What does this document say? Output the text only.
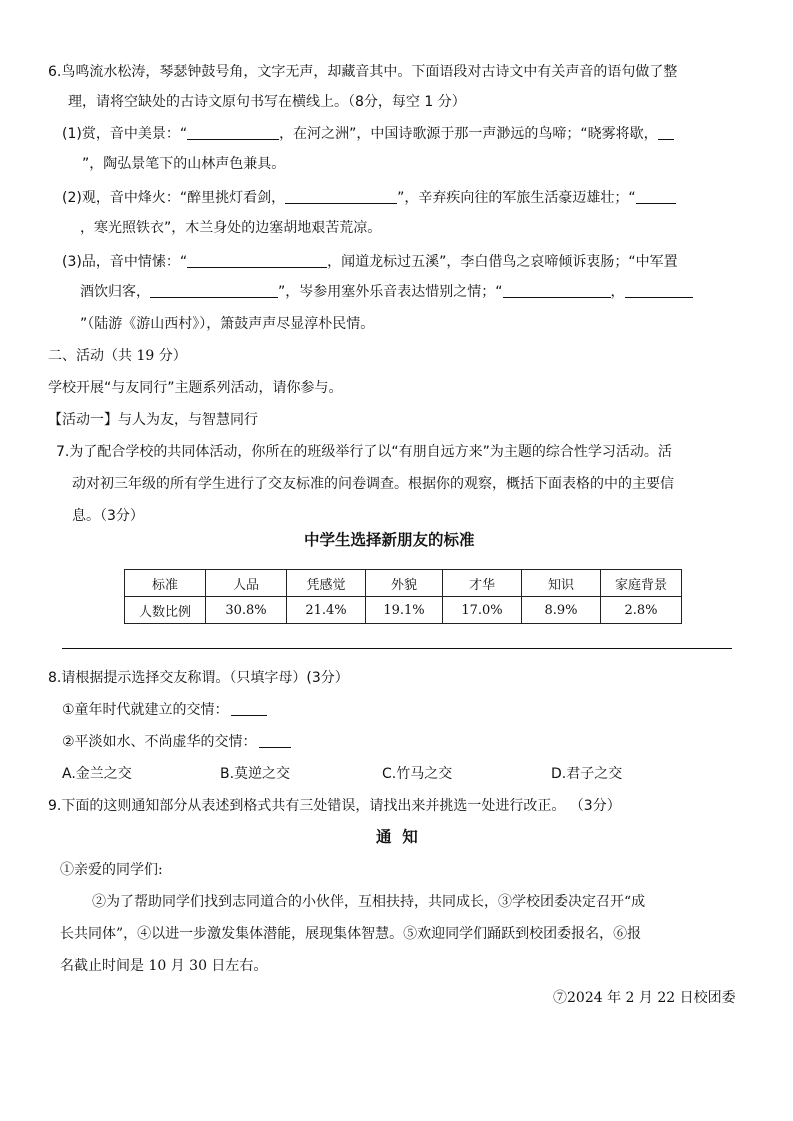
6.鸟鸣流水松涛，琴瑟钟鼓号角，文字无声，却藏音其中。下面语段对古诗文中有关声音的语句做了整
理，请将空缺处的古诗文原句书写在横线上。（8分，每空 1 分）
(1)赏，音中美景：“	，在河之洲”，中国诗歌源于那一声渺远的鸟啼；“晓雾将歇，
”，陶弘景笔下的山林声色兼具。
(2)观，音中烽火：“醉里挑灯看剑，	”，辛弃疾向往的军旅生活豪迈雄壮；“
，寒光照铁衣”，木兰身处的边塞胡地艰苦荒凉。
(3)品，音中情愫：“	，闻道龙标过五溪”，李白借鸟之哀啼倾诉衷肠；“中军置
酒饮归客，	”，岑参用塞外乐音表达惜别之情；“	，
”（陆游《游山西村》），箫鼓声声尽显淳朴民情。
二、活动（共 19 分）
学校开展“与友同行”主题系列活动，请你参与。
【活动一】与人为友，与智慧同行
7.为了配合学校的共同体活动，你所在的班级举行了以“有朋自远方来”为主题的综合性学习活动。活
动对初三年级的所有学生进行了交友标准的问卷调查。根据你的观察，概括下面表格的中的主要信
息。（3分）
中学生选择新朋友的标准
标准	人品	凭感觉	外貌	才华	知识	家庭背景
人数比例	30.8%	21.4%	19.1%	17.0%	8.9%	2.8%
8.请根据提示选择交友称谓。（只填字母）(3分）
①童年时代就建立的交情：
②平淡如水、不尚虚华的交情：
A.金兰之交	B.莫逆之交	C.竹马之交	D.君子之交
9.下面的这则通知部分从表述到格式共有三处错误，请找出来并挑选一处进行改正。 （3分）
通  知
①亲爱的同学们:
②为了帮助同学们找到志同道合的小伙伴，互相扶持，共同成长，③学校团委决定召开“成
长共同体”，④以进一步激发集体潜能，展现集体智慧。⑤欢迎同学们踊跃到校团委报名，⑥报
名截止时间是 10 月 30 日左右。
⑦2024 年 2 月 22 日校团委
